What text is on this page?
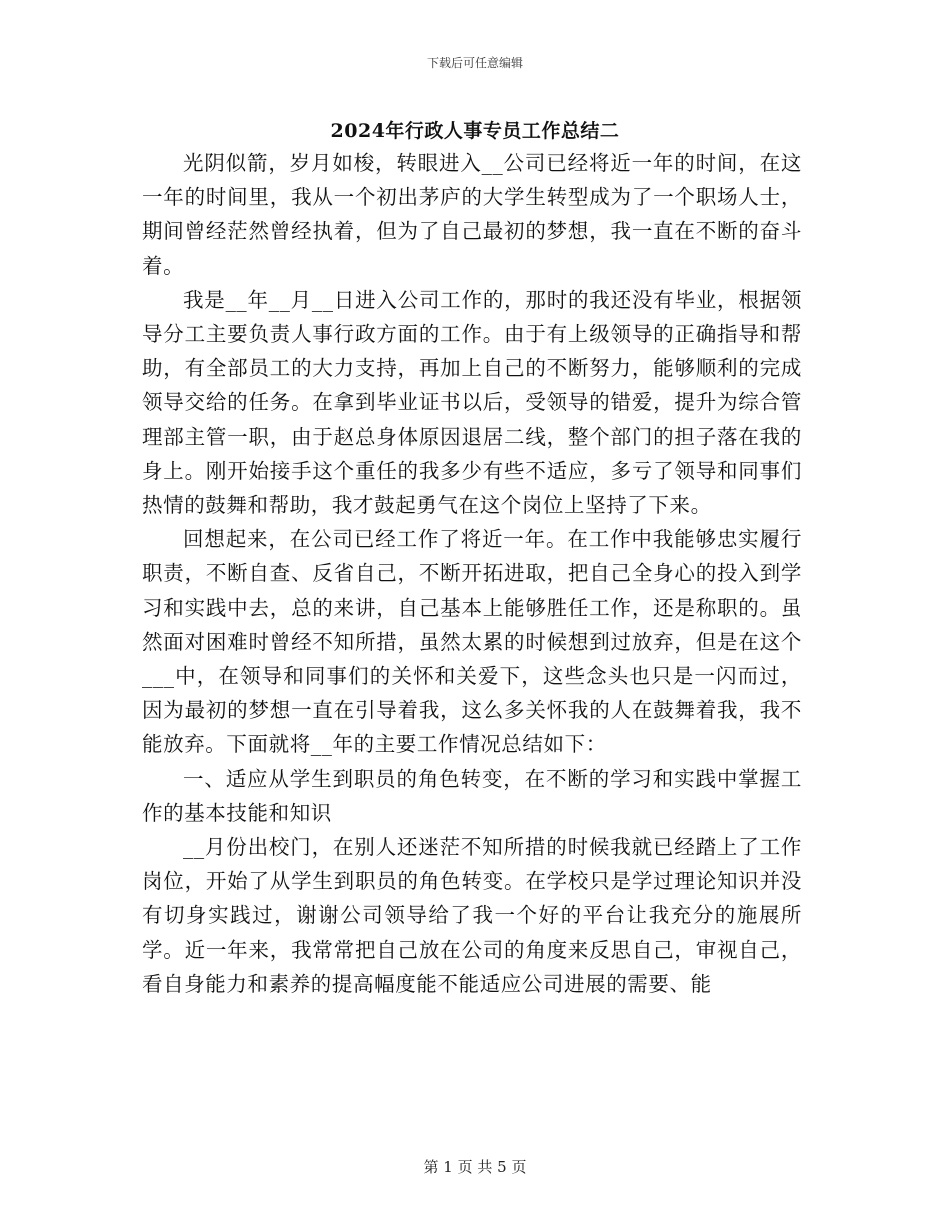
下载后可任意编辑
2024年行政人事专员工作总结二

光阴似箭，岁月如梭，转眼进入__公司已经将近一年的时间，在这一年的时间里，我从一个初出茅庐的大学生转型成为了一个职场人士，期间曾经茫然曾经执着，但为了自己最初的梦想，我一直在不断的奋斗着。

我是__年__月__日进入公司工作的，那时的我还没有毕业，根据领导分工主要负责人事行政方面的工作。由于有上级领导的正确指导和帮助，有全部员工的大力支持，再加上自己的不断努力，能够顺利的完成领导交给的任务。在拿到毕业证书以后，受领导的错爱，提升为综合管理部主管一职，由于赵总身体原因退居二线，整个部门的担子落在我的身上。刚开始接手这个重任的我多少有些不适应，多亏了领导和同事们热情的鼓舞和帮助，我才鼓起勇气在这个岗位上坚持了下来。

回想起来，在公司已经工作了将近一年。在工作中我能够忠实履行职责，不断自查、反省自己，不断开拓进取，把自己全身心的投入到学习和实践中去，总的来讲，自己基本上能够胜任工作，还是称职的。虽然面对困难时曾经不知所措，虽然太累的时候想到过放弃，但是在这个___中，在领导和同事们的关怀和关爱下，这些念头也只是一闪而过，因为最初的梦想一直在引导着我，这么多关怀我的人在鼓舞着我，我不能放弃。下面就将__年的主要工作情况总结如下：

一、适应从学生到职员的角色转变，在不断的学习和实践中掌握工作的基本技能和知识

__月份出校门，在别人还迷茫不知所措的时候我就已经踏上了工作岗位，开始了从学生到职员的角色转变。在学校只是学过理论知识并没有切身实践过，谢谢公司领导给了我一个好的平台让我充分的施展所学。近一年来，我常常把自己放在公司的角度来反思自己，审视自己，看自身能力和素养的提高幅度能不能适应公司进展的需要、能

第 1 页 共 5 页
